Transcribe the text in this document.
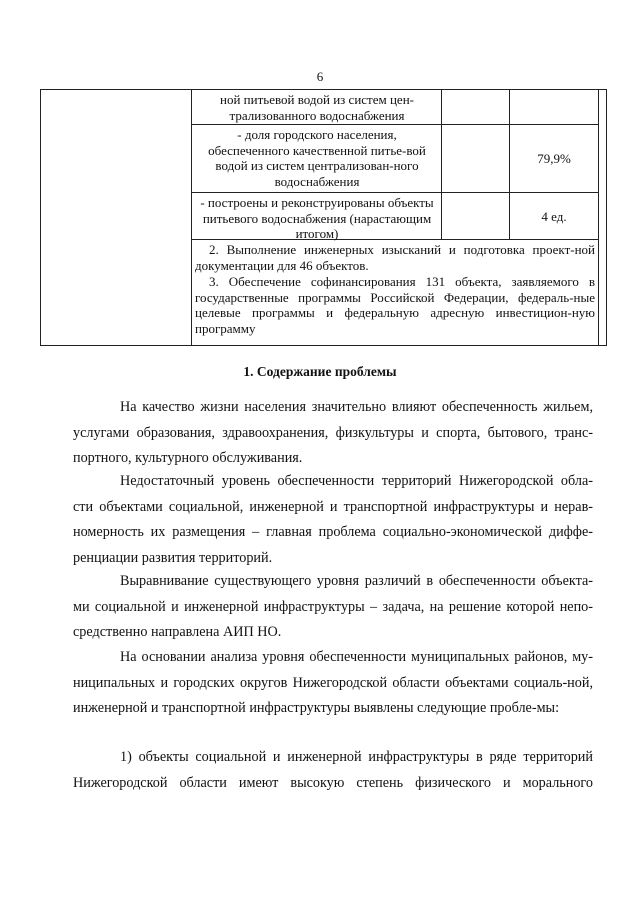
6
ной питьевой водой из систем цен-трализованного водоснабжения
- доля городского населения, обеспеченного качественной питье-вой водой из систем централизован-ного водоснабжения
79,9%
- построены и реконструированы объекты питьевого водоснабжения (нарастающим итогом)
4 ед.
2. Выполнение инженерных изысканий и подготовка проект-ной документации для 46 объектов.
3. Обеспечение софинансирования 131 объекта, заявляемого в государственные программы Российской Федерации, федераль-ные целевые программы и федеральную адресную инвестицион-ную программу
1. Содержание проблемы
На качество жизни населения значительно влияют обеспеченность жильем, услугами образования, здравоохранения, физкультуры и спорта, бытового, транс-портного, культурного обслуживания.
Недостаточный уровень обеспеченности территорий Нижегородской обла-сти объектами социальной, инженерной и транспортной инфраструктуры и нерав-номерность их размещения – главная проблема социально-экономической диффе-ренциации развития территорий.
Выравнивание существующего уровня различий в обеспеченности объекта-ми социальной и инженерной инфраструктуры – задача, на решение которой непо-средственно направлена АИП НО.
На основании анализа уровня обеспеченности муниципальных районов, му-ниципальных и городских округов Нижегородской области объектами социаль-ной, инженерной и транспортной инфраструктуры выявлены следующие пробле-мы:
1) объекты социальной и инженерной инфраструктуры в ряде территорий Нижегородской области имеют высокую степень физического и морального
